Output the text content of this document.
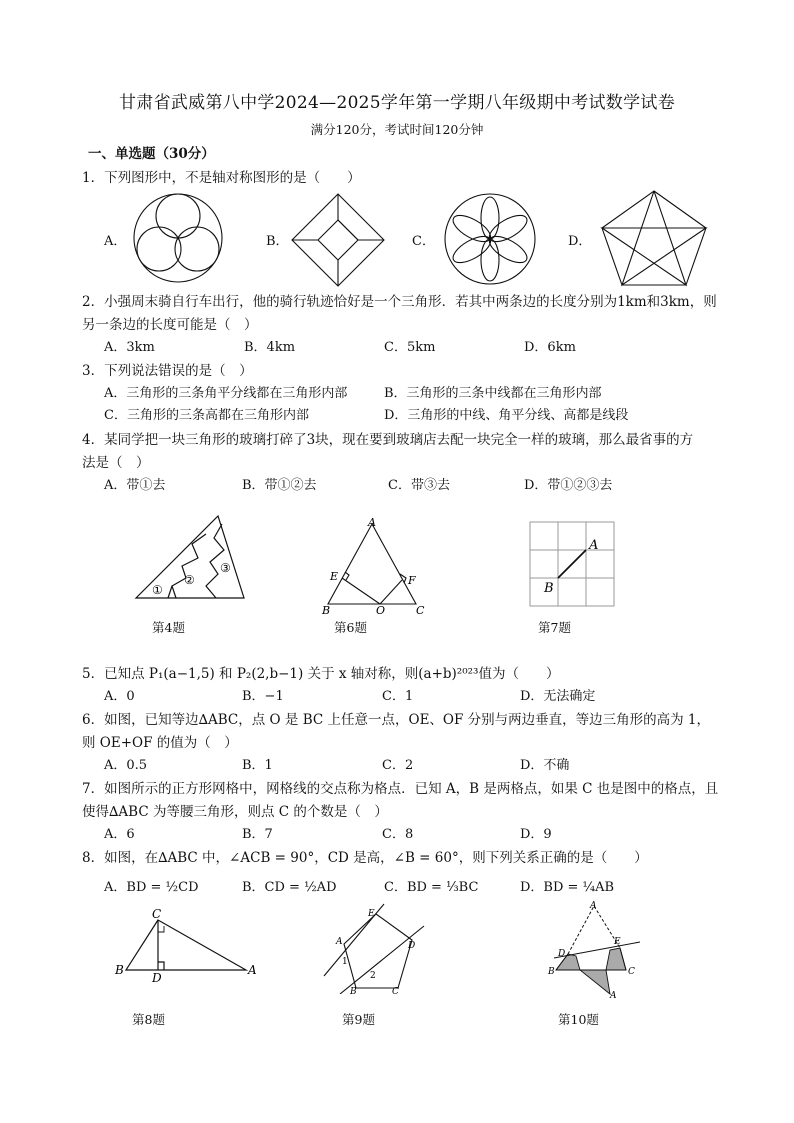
甘肃省武威第八中学2024—2025学年第一学期八年级期中考试数学试卷
满分120分，考试时间120分钟
一、单选题（30分）
1．下列图形中，不是轴对称图形的是（　　）
A．	B．	C．	D．
2．小强周末骑自行车出行，他的骑行轨迹恰好是一个三角形．若其中两条边的长度分别为1km和3km，则
另一条边的长度可能是（　）
A．3km	B．4km	C．5km	D．6km
3．下列说法错误的是（　）
A．三角形的三条角平分线都在三角形内部	B．三角形的三条中线都在三角形内部
C．三角形的三条高都在三角形内部	D．三角形的中线、角平分线、高都是线段
4．某同学把一块三角形的玻璃打碎了3块，现在要到玻璃店去配一块完全一样的玻璃，那么最省事的方
法是（　）
A．带①去	B．带①②去	C．带③去	D．带①②③去
①
②
③
A
E	F
B	O	C
A
B
第4题	第6题	第7题
5．已知点 P₁(a−1,5) 和 P₂(2,b−1) 关于 x 轴对称，则(a+b)²⁰²³值为（　　）
A．0	B．−1	C．1	D．无法确定
6．如图，已知等边∆ABC，点 O 是 BC 上任意一点，OE、OF 分别与两边垂直，等边三角形的高为 1，
则 OE+OF 的值为（　）
A．0.5	B．1	C．2	D．不确
7．如图所示的正方形网格中，网格线的交点称为格点．已知 A，B 是两格点，如果 C 也是图中的格点，且
使得∆ABC 为等腰三角形，则点 C 的个数是（　）
A．6	B．7	C．8	D．9
8．如图，在∆ABC 中，∠ACB = 90°，CD 是高，∠B = 60°，则下列关系正确的是（　　）
A．BD = ½CD	B．CD = ½AD	C．BD = ⅓BC	D．BD = ¼AB
C
B
D
A
E
A	D
1
2
B	C
A
D
E
B	C
A
第8题	第9题	第10题
